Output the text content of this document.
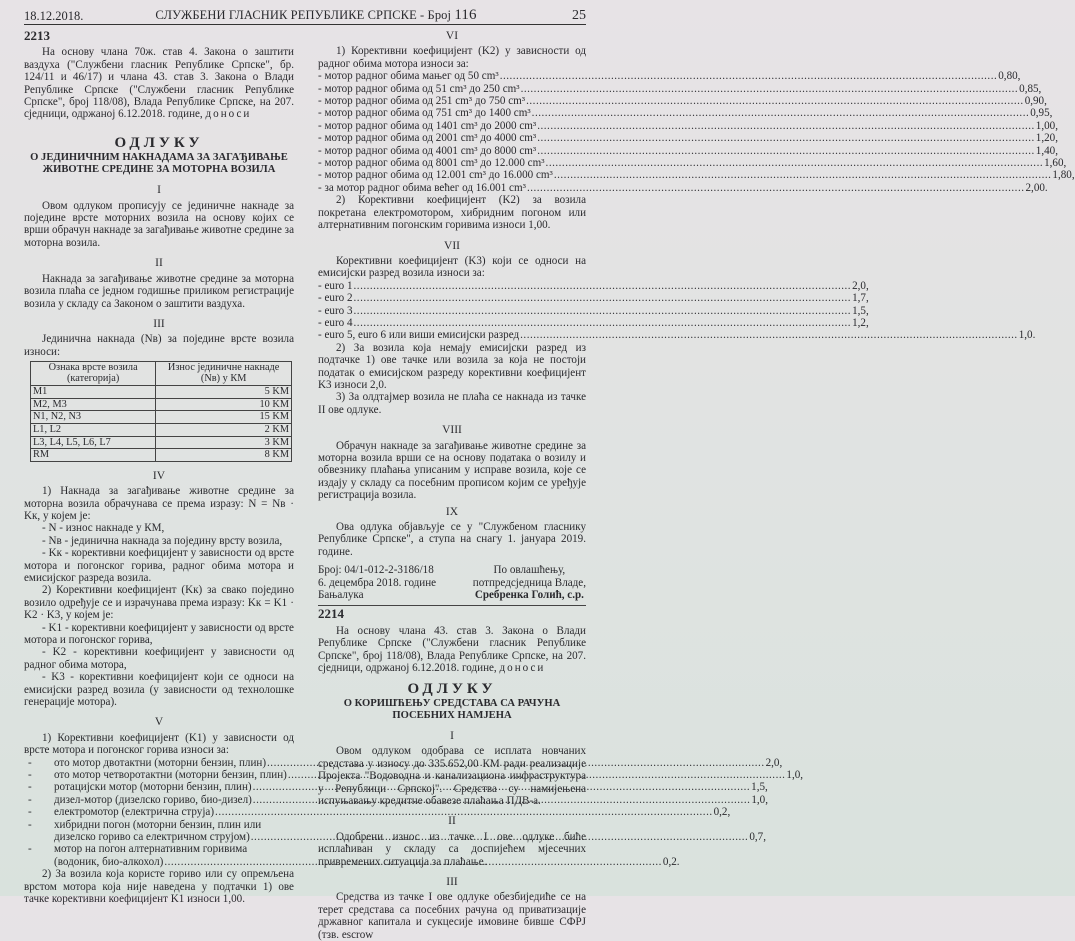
18.12.2018.	СЛУЖБЕНИ ГЛАСНИК РЕПУБЛИКЕ СРПСКЕ - Број 116	25
2213

На основу члана 70ж. став 4. Закона о заштити ваздуха ("Службени гласник Републике Српске", бр. 124/11 и 46/17) и члана 43. став 3. Закона о Влади Републике Српске ("Службени гласник Републике Српске", број 118/08), Влада Републике Српске, на 207. сједници, одржаној 6.12.2018. године, доноси

ОДЛУКУ
О ЈЕДИНИЧНИМ НАКНАДАМА ЗА ЗАГАЂИВАЊЕ
ЖИВОТНЕ СРЕДИНЕ ЗА МОТОРНА ВОЗИЛА
I

Овом одлуком прописују се јединичне накнаде за поједине врсте моторних возила на основу којих се врши обрачун накнаде за загађивање животне средине за моторна возила.

II

Накнада за загађивање животне средине за моторна возила плаћа се једном годишње приликом регистрације возила у складу са Законом о заштити ваздуха.

III

Јединична накнада (Nв) за поједине врсте возила износи:

Ознака врсте возила (категорија)	Износ јединичне накнаде (Nв) у КМ
M1	5 KM
M2, M3	10 KM
N1, N2, N3	15 KM
L1, L2	2 KM
L3, L4, L5, L6, L7	3 KM
RM	8 KM
IV

1) Накнада за загађивање животне средине за моторна возила обрачунава се према изразу: N = Nв · Kк, у којем је:

- N - износ накнаде у КМ,

- Nв - јединична накнада за поједину врсту возила,

- Kк - корективни коефицијент у зависности од врсте мотора и погонског горива, радног обима мотора и емисијског разреда возила.

2) Корективни коефицијент (Kк) за свако поједино возило одређује се и израчунава према изразу: Kк = K1 · K2 · K3, у којем је:

- K1 - корективни коефицијент у зависности од врсте мотора и погонског горива,

- K2 - корективни коефицијент у зависности од радног обима мотора,

- K3 - корективни коефицијент који се односи на емисијски разред возила (у зависности од технолошке генерације мотора).

V

1) Корективни коефицијент (K1) у зависности од врсте мотора и погонског горива износи за:

-	ото мотор двотактни (моторни бензин, плин) .....	2,0,
-	ото мотор четворотактни (моторни бензин, плин) .....	1,0,
-	ротацијски мотор (моторни бензин, плин) .....	1,5,
-	дизел-мотор (дизелско гориво, био-дизел) .....	1,0,
-	електромотор (електрична струја) .....	0,2,
-	хибридни погон (моторни бензин, плин или
дизелско гориво са електричном струјом) .....	0,7,
-	мотор на погон алтернативним горивима
(водоник, био-алкохол) .....	0,2.

2) За возила која користе гориво или су опремљена врстом мотора која није наведена у подтачки 1) ове тачке корективни коефицијент K1 износи 1,00.

VI

1) Корективни коефицијент (K2) у зависности од радног обима мотора износи за:

- мотор радног обима мањег од 50 cm³ .....	0,80,
- мотор радног обима од 51 cm³ до 250 cm³ .....	0,85,
- мотор радног обима од 251 cm³ до 750 cm³ .....	0,90,
- мотор радног обима од 751 cm³ до 1400 cm³ .....	0,95,
- мотор радног обима од 1401 cm³ до 2000 cm³ .....	1,00,
- мотор радног обима од 2001 cm³ до 4000 cm³ .....	1,20,
- мотор радног обима од 4001 cm³ до 8000 cm³ .....	1,40,
- мотор радног обима од 8001 cm³ до 12.000 cm³ .....	1,60,
- мотор радног обима од 12.001 cm³ до 16.000 cm³ .....	1,80,
- за мотор радног обима већег од 16.001 cm³ .....	2,00.

2) Корективни коефицијент (K2) за возила покретана електромотором, хибридним погоном или алтернативним погонским горивима износи 1,00.

VII

Корективни коефицијент (K3) који се односи на емисијски разред возила износи за:

- euro 1 .....	2,0,
- euro 2 .....	1,7,
- euro 3 .....	1,5,
- euro 4 .....	1,2,
- euro 5, euro 6 или виши емисијски разред .....	1,0.

2) За возила која немају емисијски разред из подтачке 1) ове тачке или возила за која не постоји податак о емисијском разреду корективни коефицијент K3 износи 2,0.

3) За олдтајмер возила не плаћа се накнада из тачке II ове одлуке.

VIII

Обрачун накнаде за загађивање животне средине за моторна возила врши се на основу података о возилу и обвезнику плаћања уписаним у исправе возила, које се издају у складу са посебним прописом којим се уређује регистрација возила.

IX

Ова одлука објављује се у "Службеном гласнику Републике Српске", а ступа на снагу 1. јануара 2019. године.

Број: 04/1-012-2-3186/18
6. децембра 2018. године
Бањалука
По овлашћењу,
потпредсједница Владе,
Сребренка Голић, с.р.
2214

На основу члана 43. став 3. Закона о Влади Републике Српске ("Службени гласник Републике Српске", број 118/08), Влада Републике Српске, на 207. сједници, одржаној 6.12.2018. године, доноси

ОДЛУКУ
О КОРИШЋЕЊУ СРЕДСТАВА СА РАЧУНА
ПОСЕБНИХ НАМЈЕНА
I

Овом одлуком одобрава се исплата новчаних средстава у износу до 335.652,00 КМ ради реализације Пројекта "Водоводна и канализациона инфраструктура у Републици Српској". Средства су намијењена испуњавању кредитне обавезе плаћања ПДВ-а.

II

Одобрени износ из тачке I ове одлуке биће исплаћиван у складу са доспијећем мјесечних привремених ситуација за плаћање.

III

Средства из тачке I ове одлуке обезбиједиће се на терет средстава са посебних рачуна од приватизације државног капитала и сукцесије имовине бивше СФРЈ (тзв. escrow
